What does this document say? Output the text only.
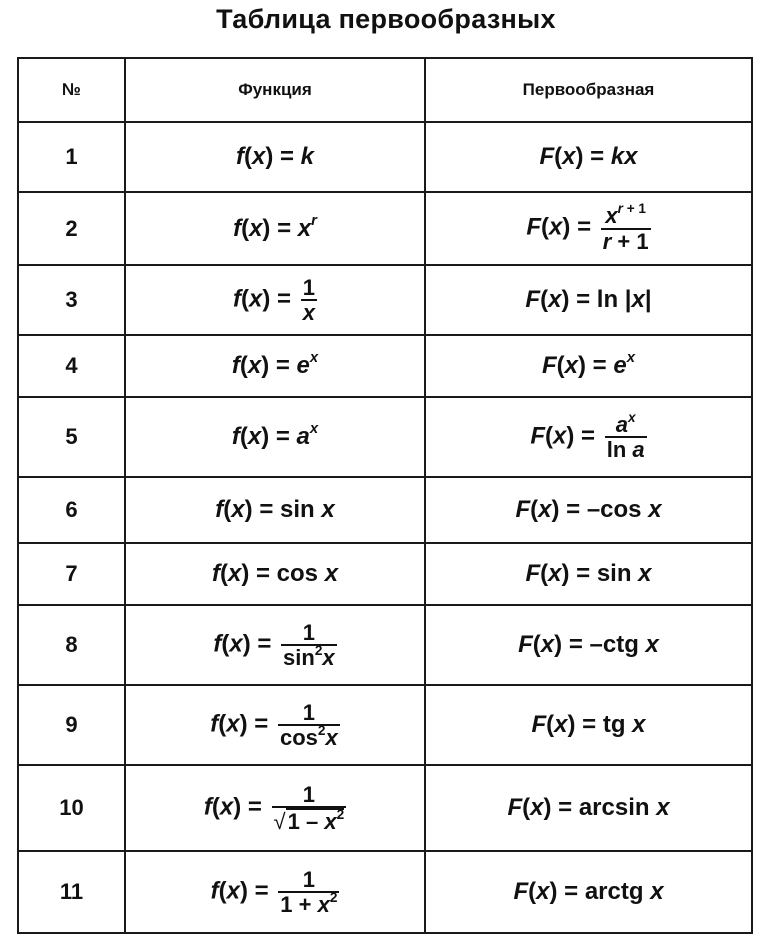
Таблица первообразных
№	Функция	Первообразная
1	f(x) = k	F(x) = kx
2	$f(x) = x^r$	$F(x) = \frac{x^{r + 1}}{r + 1}$

3	$f(x) = \frac{1}{x}$	F(x) = ln |x|
4	$f(x) = e^x$	$F(x) = e^x$
5	$f(x) = a^x$	$F(x) = \frac{a^x}{\text{ln a}}$

6	f(x) = sin x	F(x) = –cos x
7	f(x) = cos x	F(x) = sin x
8	$f(x) = \frac{1}{\sin^2x}$	F(x) = –ctg x
9	$f(x) = \frac{1}{\cos^2x}$	F(x) = tg x
10	$f(x) = \frac{1}{√1 - x^2}$	F(x) = arcsin x
11	$f(x) = \frac{1}{1 + x^2}$	F(x) = arctg x
